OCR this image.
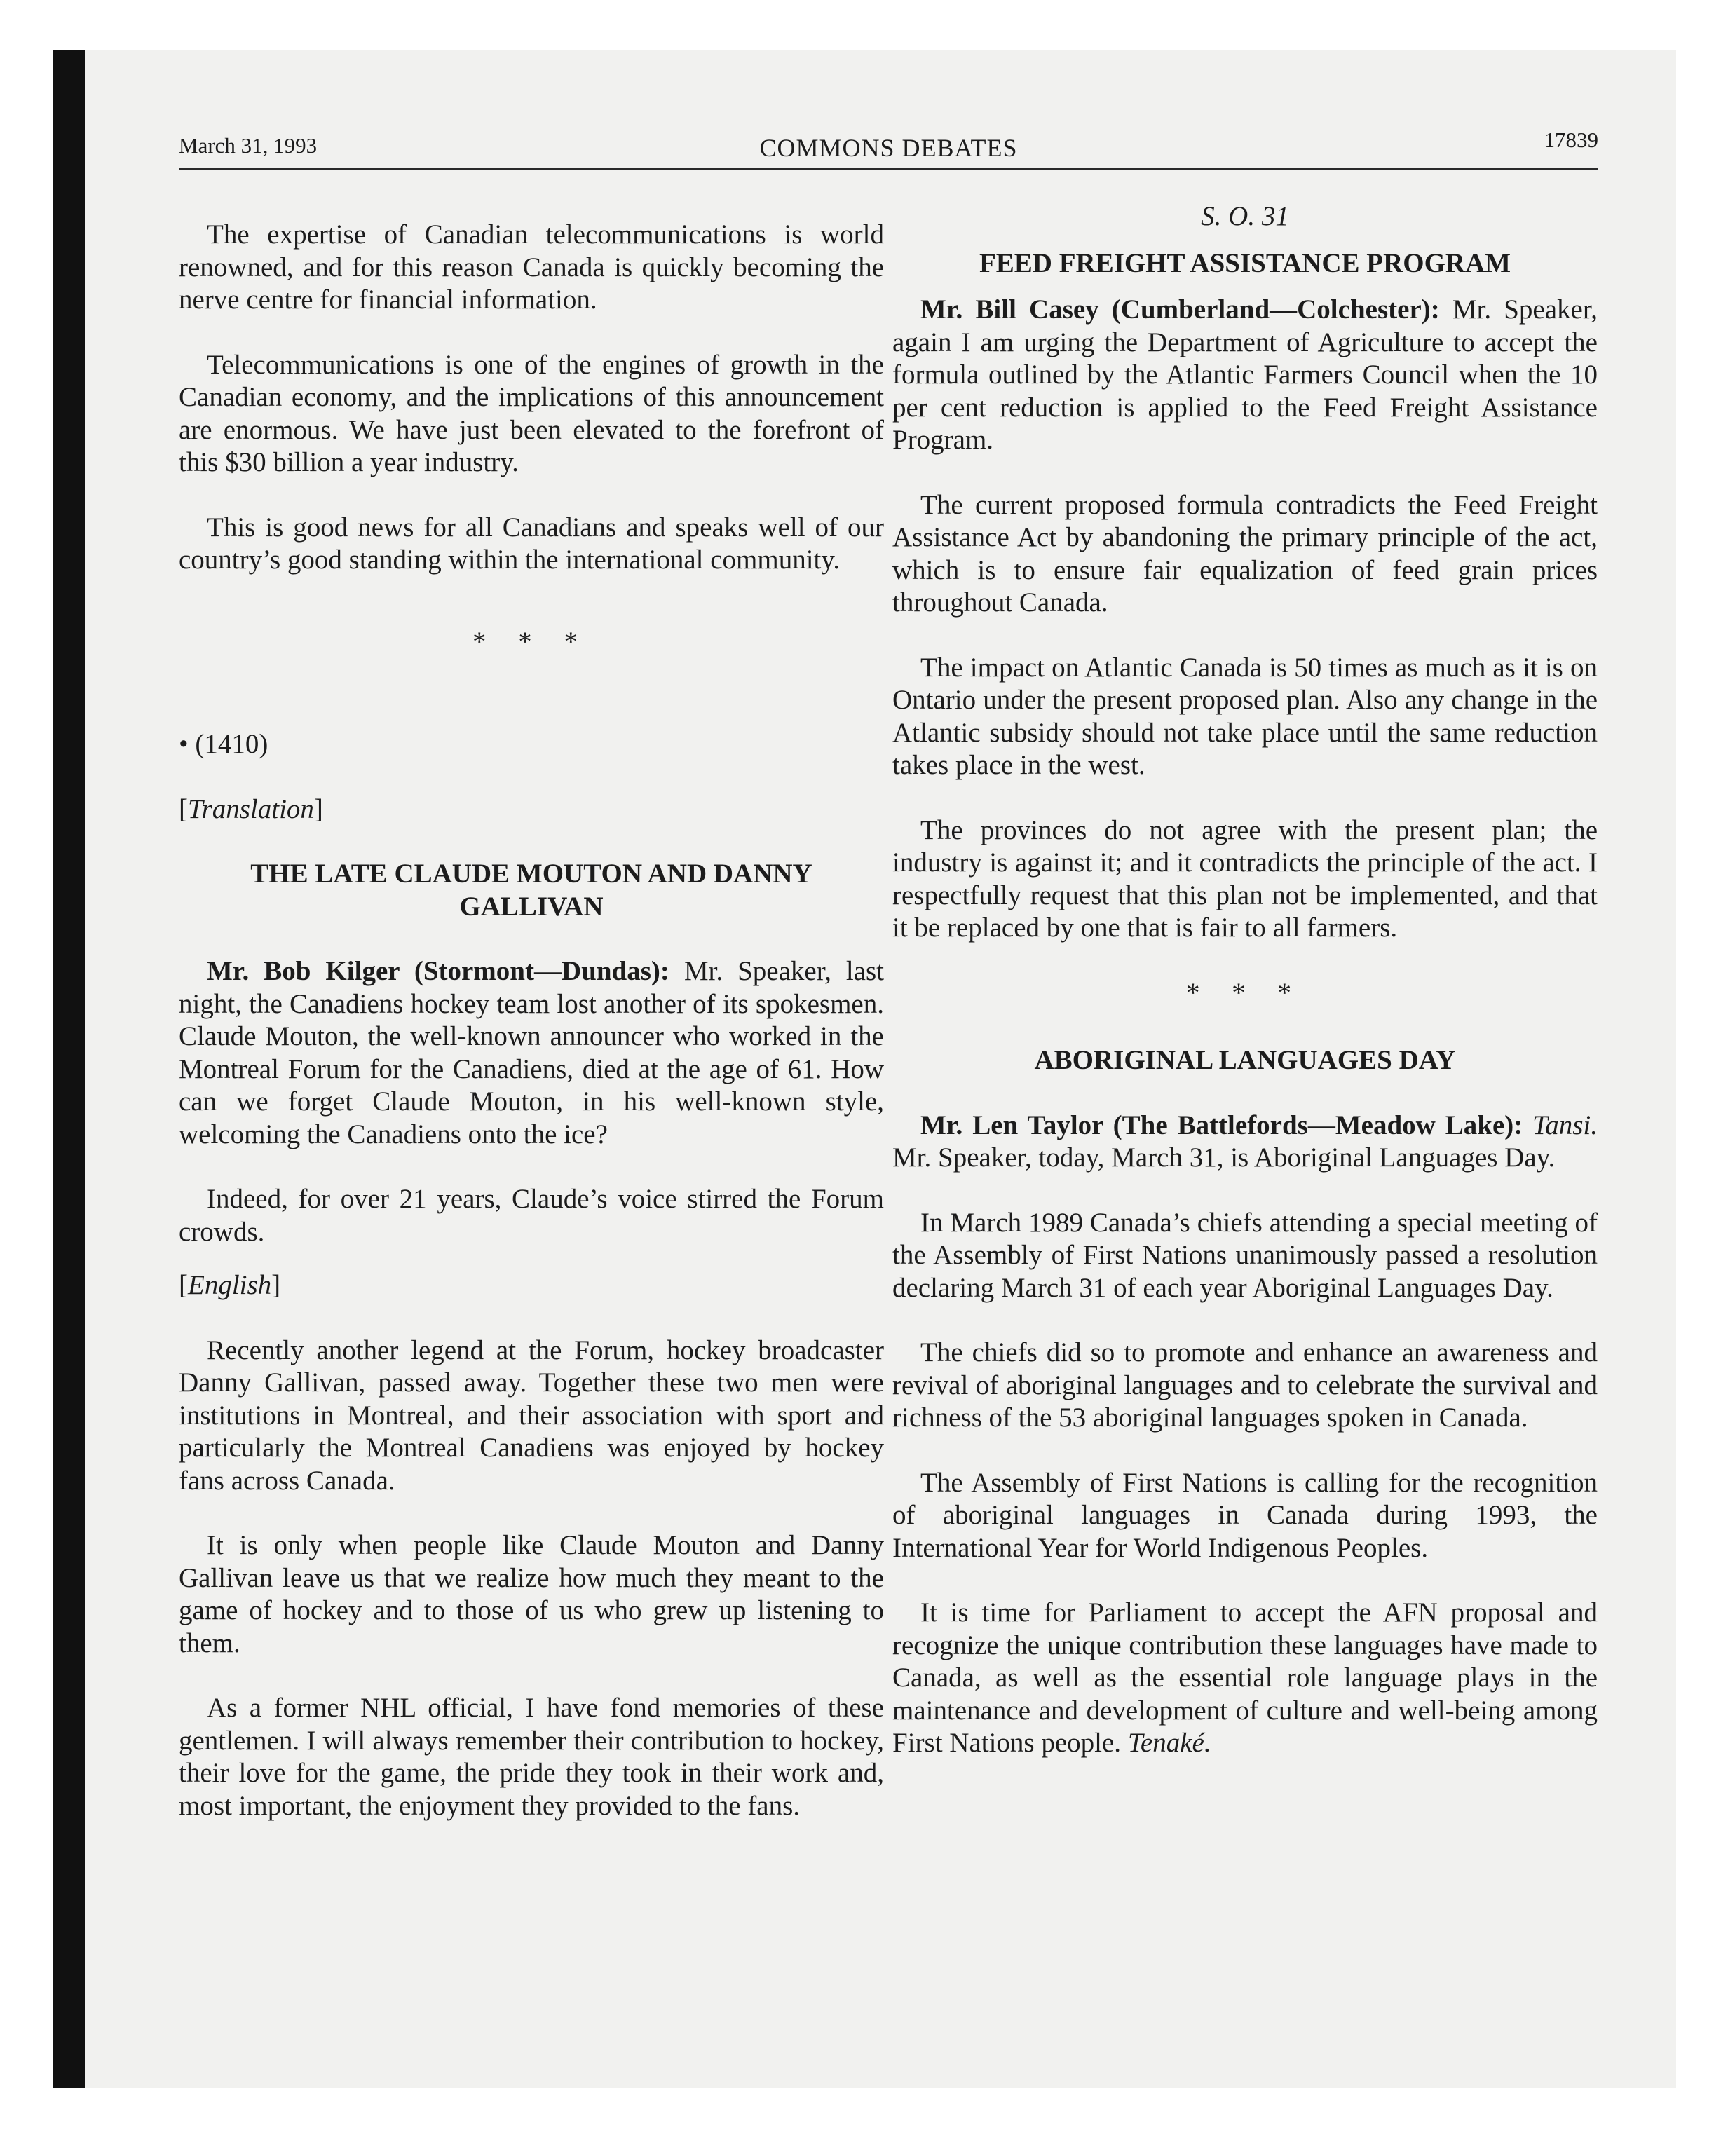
March 31, 1993	COMMONS DEBATES	17839

The expertise of Canadian telecommunications is world renowned, and for this reason Canada is quickly becoming the nerve centre for financial information.

Telecommunications is one of the engines of growth in the Canadian economy, and the implications of this announcement are enormous. We have just been elevated to the forefront of this $30 billion a year industry.

This is good news for all Canadians and speaks well of our country’s good standing within the international community.

* * *

• (1410)

[Translation]

THE LATE CLAUDE MOUTON AND DANNY GALLIVAN

Mr. Bob Kilger (Stormont—Dundas): Mr. Speaker, last night, the Canadiens hockey team lost another of its spokesmen. Claude Mouton, the well-known announcer who worked in the Montreal Forum for the Canadiens, died at the age of 61. How can we forget Claude Mouton, in his well-known style, welcoming the Canadiens onto the ice?

Indeed, for over 21 years, Claude’s voice stirred the Forum crowds.

[English]

Recently another legend at the Forum, hockey broadcaster Danny Gallivan, passed away. Together these two men were institutions in Montreal, and their association with sport and particularly the Montreal Canadiens was enjoyed by hockey fans across Canada.

It is only when people like Claude Mouton and Danny Gallivan leave us that we realize how much they meant to the game of hockey and to those of us who grew up listening to them.

As a former NHL official, I have fond memories of these gentlemen. I will always remember their contribution to hockey, their love for the game, the pride they took in their work and, most important, the enjoyment they provided to the fans.

S. O. 31

FEED FREIGHT ASSISTANCE PROGRAM

Mr. Bill Casey (Cumberland—Colchester): Mr. Speaker, again I am urging the Department of Agriculture to accept the formula outlined by the Atlantic Farmers Council when the 10 per cent reduction is applied to the Feed Freight Assistance Program.

The current proposed formula contradicts the Feed Freight Assistance Act by abandoning the primary principle of the act, which is to ensure fair equalization of feed grain prices throughout Canada.

The impact on Atlantic Canada is 50 times as much as it is on Ontario under the present proposed plan. Also any change in the Atlantic subsidy should not take place until the same reduction takes place in the west.

The provinces do not agree with the present plan; the industry is against it; and it contradicts the principle of the act. I respectfully request that this plan not be implemented, and that it be replaced by one that is fair to all farmers.

* * *

ABORIGINAL LANGUAGES DAY

Mr. Len Taylor (The Battlefords—Meadow Lake): Tansi. Mr. Speaker, today, March 31, is Aboriginal Languages Day.

In March 1989 Canada’s chiefs attending a special meeting of the Assembly of First Nations unanimously passed a resolution declaring March 31 of each year Aboriginal Languages Day.

The chiefs did so to promote and enhance an awareness and revival of aboriginal languages and to celebrate the survival and richness of the 53 aboriginal languages spoken in Canada.

The Assembly of First Nations is calling for the recognition of aboriginal languages in Canada during 1993, the International Year for World Indigenous Peoples.

It is time for Parliament to accept the AFN proposal and recognize the unique contribution these languages have made to Canada, as well as the essential role language plays in the maintenance and development of culture and well-being among First Nations people. Tenaké.
